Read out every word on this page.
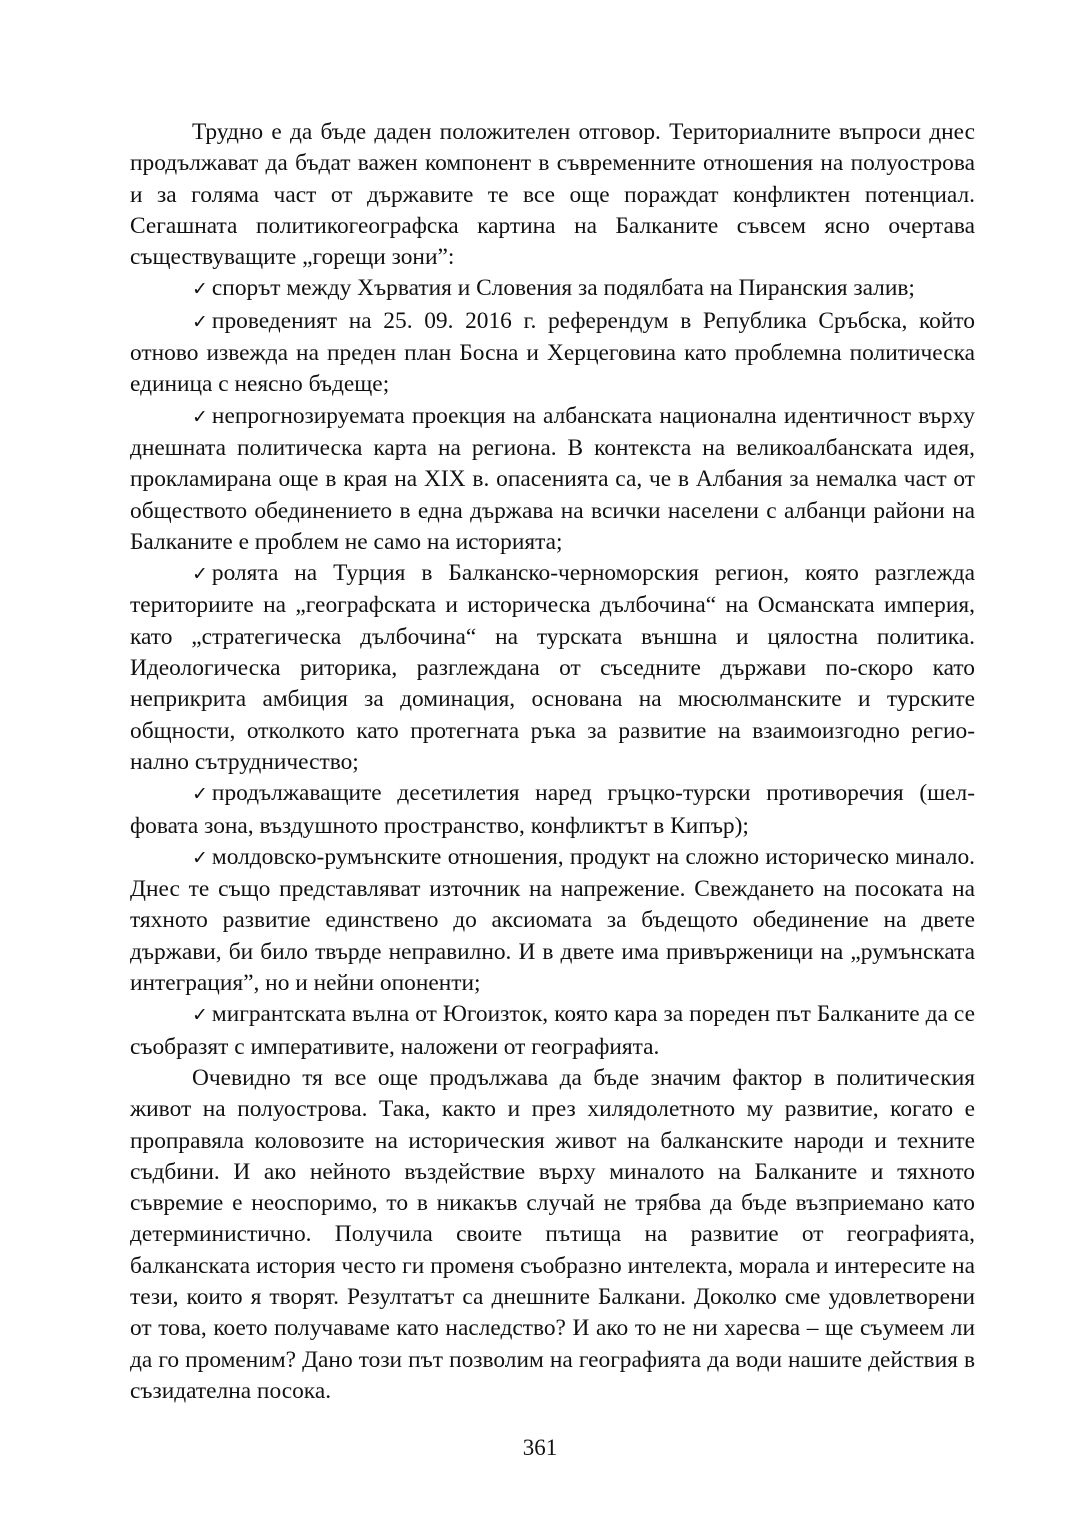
Трудно е да бъде даден положителен отговор. Териториалните въпроси днес продължават да бъдат важен компонент в съвременните отношения на полуострова и за голяма част от държавите те все още пораждат конфликтен потенциал. Сегашната политикогеографска картина на Балканите съвсем ясно очертава съществуващите „горещи зони”:

✓ спорът между Хърватия и Словения за подялбата на Пиранския залив;

✓ проведеният на 25. 09. 2016 г. референдум в Република Сръбска, който отново извежда на преден план Босна и Херцеговина като проблемна политическа единица с неясно бъдеще;

✓ непрогнозируемата проекция на албанската национална идентичност върху днешната политическа карта на региона. В контекста на великоалбанската идея, прокламирана още в края на XIX в. опасенията са, че в Албания за немалка част от обществото обединението в една държава на всички населени с албанци райони на Балканите е проблем не само на историята;

✓ ролята на Турция в Балканско-черноморския регион, която разглежда териториите на „географската и историческа дълбочина“ на Османската империя, като „стратегическа дълбочина“ на турската външна и цялостна политика. Идеологическа риторика, разглеждана от съседните държави по-скоро като неприкрита амбиция за доминация, основана на мюсюлманските и турските общности, отколкото като протегната ръка за развитие на взаимоизгодно регионално сътрудничество;

✓ продължаващите десетилетия наред гръцко-турски противоречия (шелфовата зона, въздушното пространство, конфликтът в Кипър);

✓ молдовско-румънските отношения, продукт на сложно историческо минало. Днес те също представляват източник на напрежение. Свеждането на посоката на тяхното развитие единствено до аксиомата за бъдещото обединение на двете държави, би било твърде неправилно. И в двете има привърженици на „румънската интеграция”, но и нейни опоненти;

✓ мигрантската вълна от Югоизток, която кара за пореден път Балканите да се съобразят с императивите, наложени от географията.

Очевидно тя все още продължава да бъде значим фактор в политическия живот на полуострова. Така, както и през хилядолетното му развитие, когато е проправяла коловозите на историческия живот на балканските народи и техните съдбини. И ако нейното въздействие върху миналото на Балканите и тяхното съвремие е неоспоримо, то в никакъв случай не трябва да бъде възприемано като детерминистично. Получила своите пътища на развитие от географията, балканската история често ги променя съобразно интелекта, морала и интересите на тези, които я творят. Резултатът са днешните Балкани. Доколко сме удовлетворени от това, което получаваме като наследство? И ако то не ни харесва – ще съумеем ли да го променим? Дано този път позволим на географията да води нашите действия в съзидателна посока.

361
